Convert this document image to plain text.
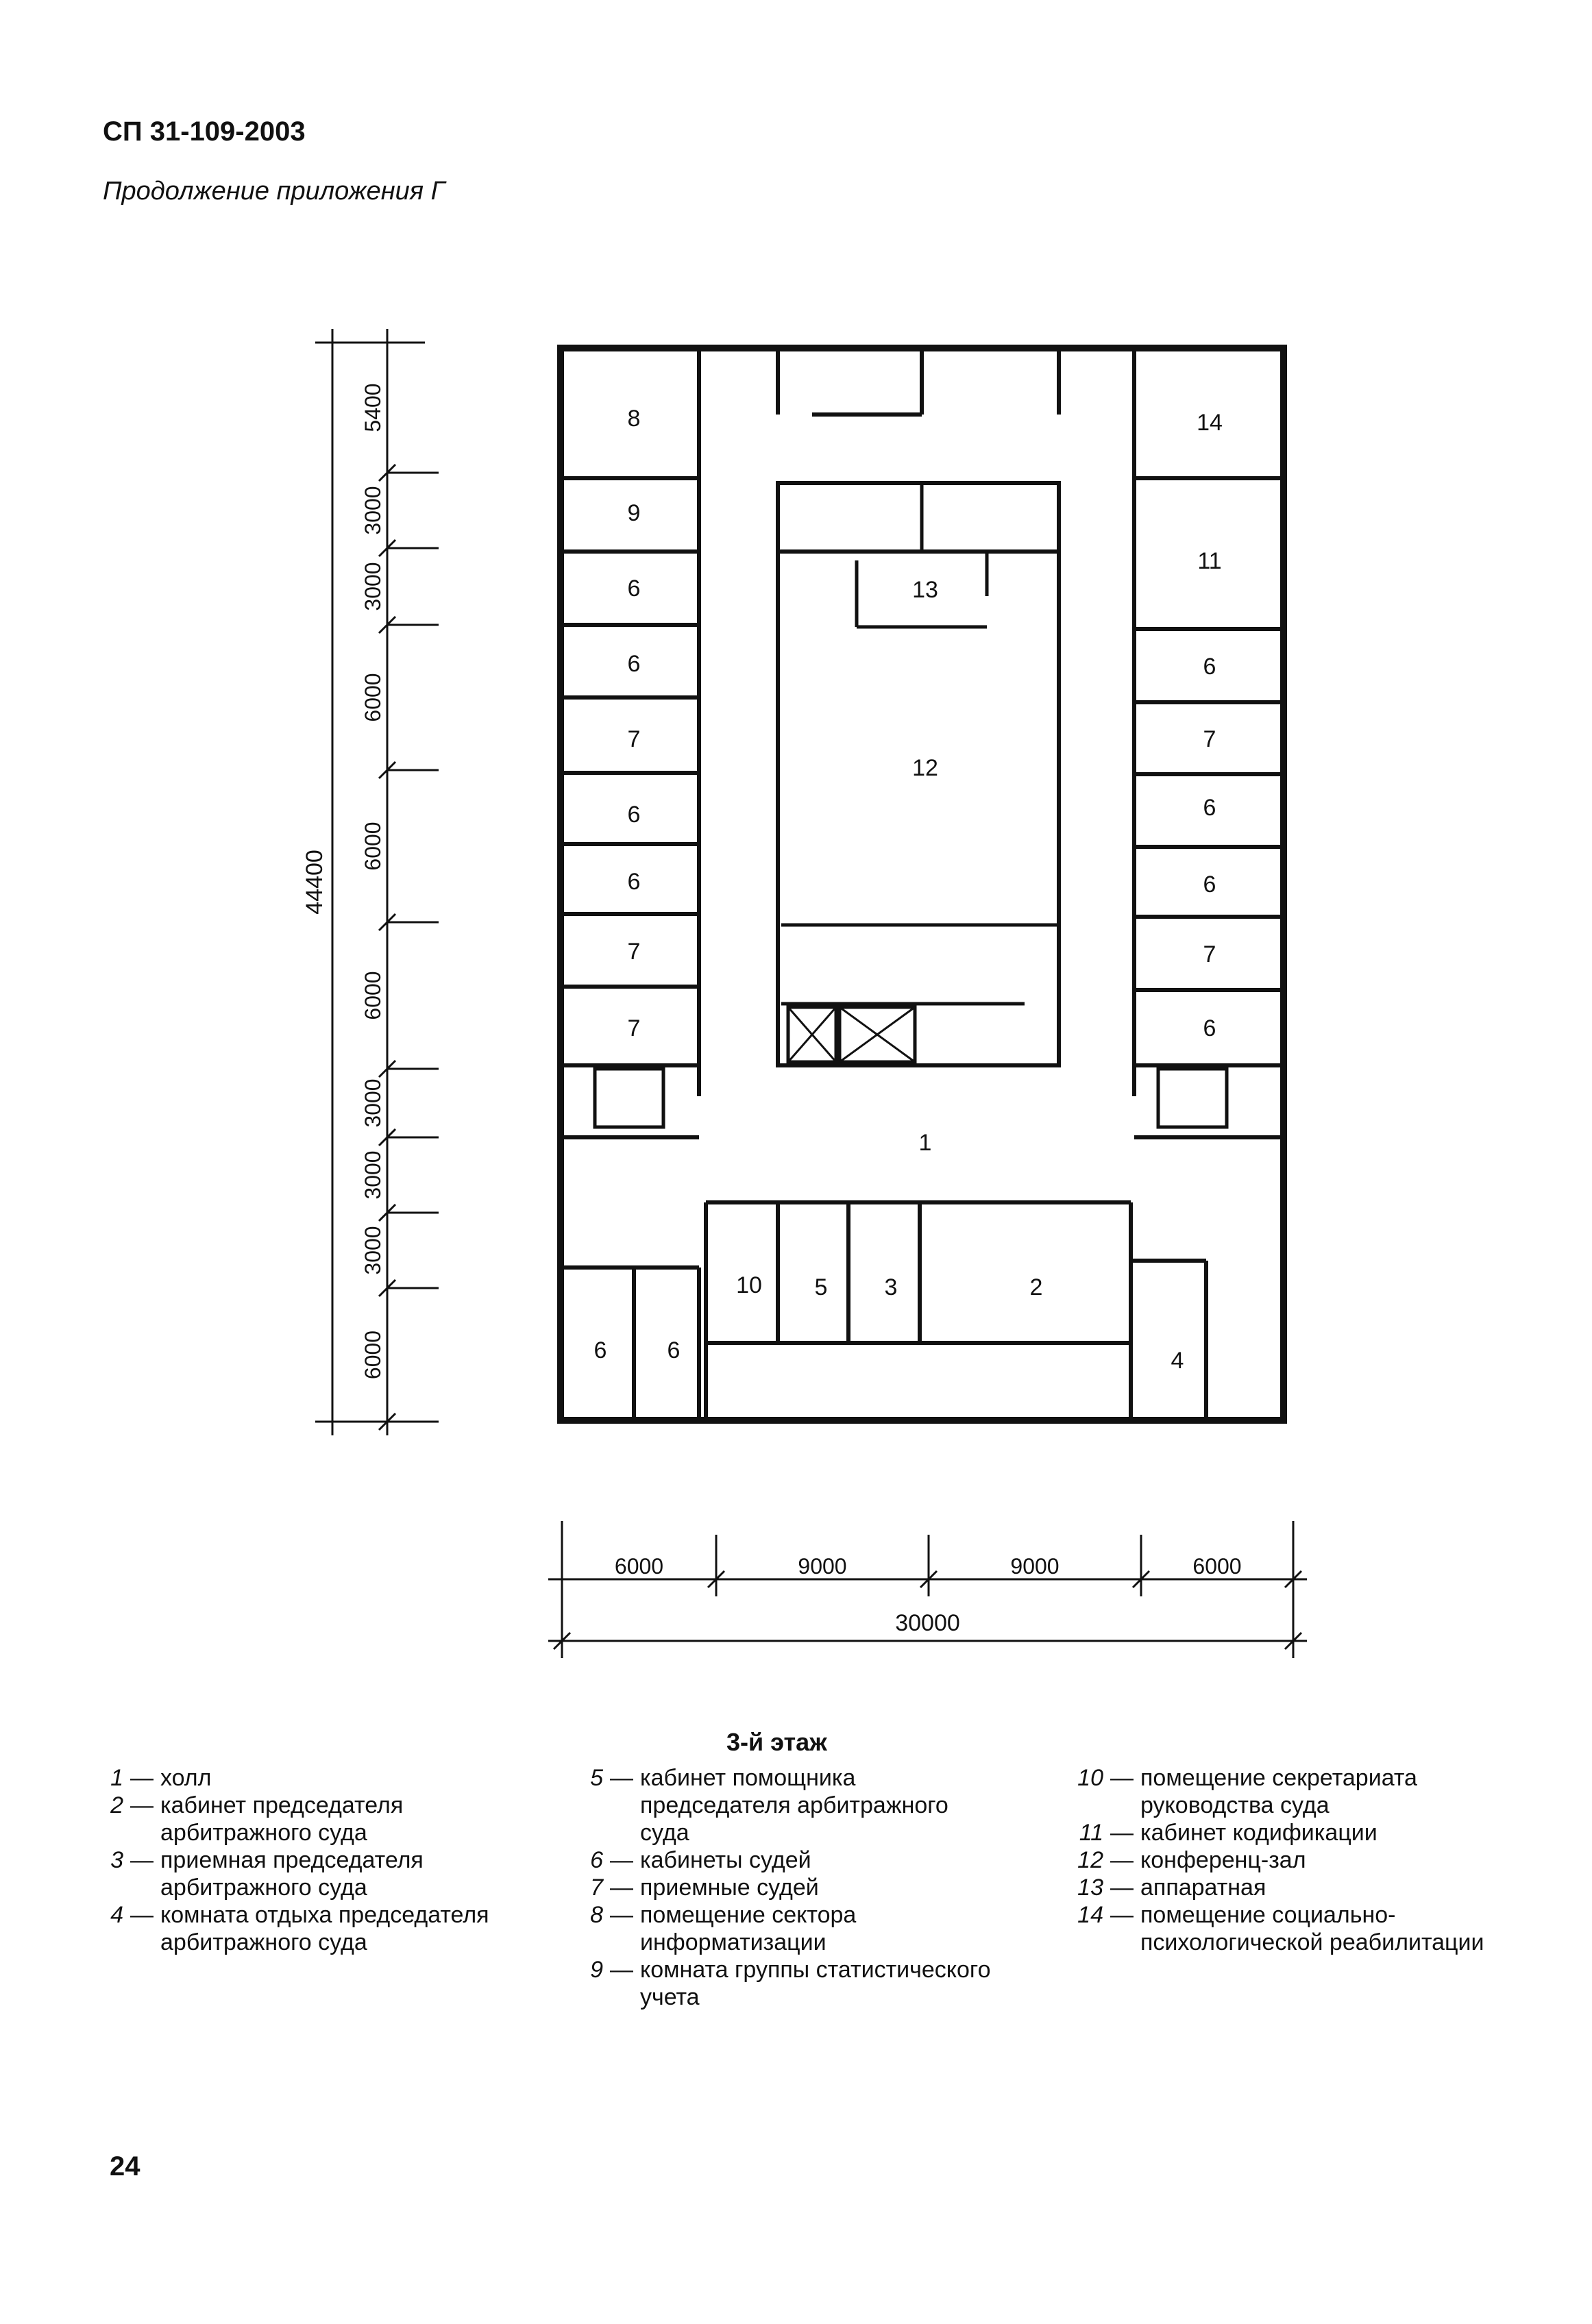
СП 31-109-2003
Продолжение приложения Г
8
9
6
6
7
6
6
7
7
14
11
6
7
6
6
7
6
13
12
1
10 5 3	2
4
6	6
44400
5400
3000
3000
6000
6000
6000
3000
3000
3000
6000
30000
6000	9000	9000	6000
3-й этаж
1 — холл
2 — кабинет председателя арбитражного суда
3 — приемная председателя арбитражного суда
4 — комната отдыха председателя арбитражного суда
5 — кабинет помощника председателя арбитражного суда
6 — кабинеты судей
7 — приемные судей
8 — помещение сектора информатизации
9 — комната группы статистического учета
10 — помещение секретариата руководства суда
11 — кабинет кодификации
12 — конференц-зал
13 — аппаратная
14 — помещение социально-психологической реабилитации
24
